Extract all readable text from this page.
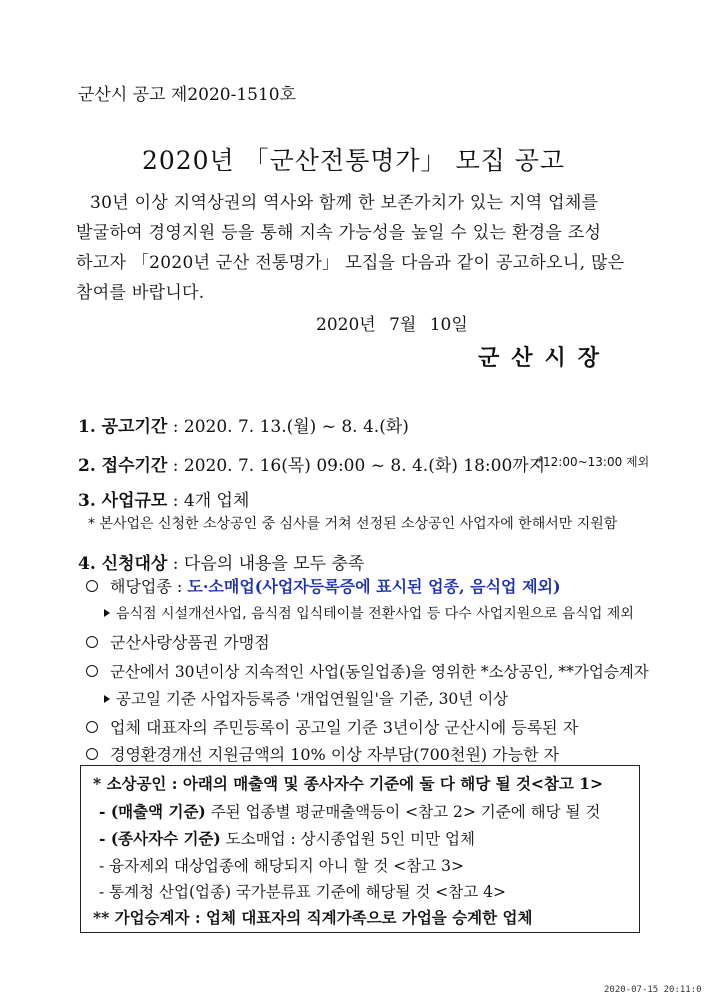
군산시 공고 제2020-1510호
2020년 「군산전통명가」 모집 공고

30년 이상 지역상권의 역사와 함께 한 보존가치가 있는 지역 업체를

발굴하여 경영지원 등을 통해 지속 가능성을 높일 수 있는 환경을 조성

하고자 「2020년 군산 전통명가」 모집을 다음과 같이 공고하오니, 많은

참여를 바랍니다.

2020년 7월 10일
군산시장
1. 공고기간 : 2020. 7. 13.(월) ~ 8. 4.(화)
2. 접수기간 : 2020. 7. 16(목) 09:00 ~ 8. 4.(화) 18:00까지
*12:00~13:00 제외
3. 사업규모 : 4개 업체
* 본사업은 신청한 소상공인 중 심사를 거쳐 선정된 소상공인 사업자에 한해서만 지원함
4. 신청대상 : 다음의 내용을 모두 충족
해당업종 : 도·소매업(사업자등록증에 표시된 업종, 음식업 제외)
음식점 시설개선사업, 음식점 입식테이블 전환사업 등 다수 사업지원으로 음식업 제외
군산사랑상품권 가맹점
군산에서 30년이상 지속적인 사업(동일업종)을 영위한 *소상공인, **가업승계자
공고일 기준 사업자등록증 '개업연월일'을 기준, 30년 이상
업체 대표자의 주민등록이 공고일 기준 3년이상 군산시에 등록된 자
경영환경개선 지원금액의 10% 이상 자부담(700천원) 가능한 자
* 소상공인 : 아래의 매출액 및 종사자수 기준에 둘 다 해당 될 것<참고 1>
- (매출액 기준) 주된 업종별 평균매출액등이 <참고 2> 기준에 해당 될 것
- (종사자수 기준) 도소매업 : 상시종업원 5인 미만 업체
- 융자제외 대상업종에 해당되지 아니 할 것 <참고 3>
- 통계청 산업(업종) 국가분류표 기준에 해당될 것 <참고 4>
** 가업승계자 : 업체 대표자의 직계가족으로 가업을 승계한 업체
2020-07-15 20:11:0
